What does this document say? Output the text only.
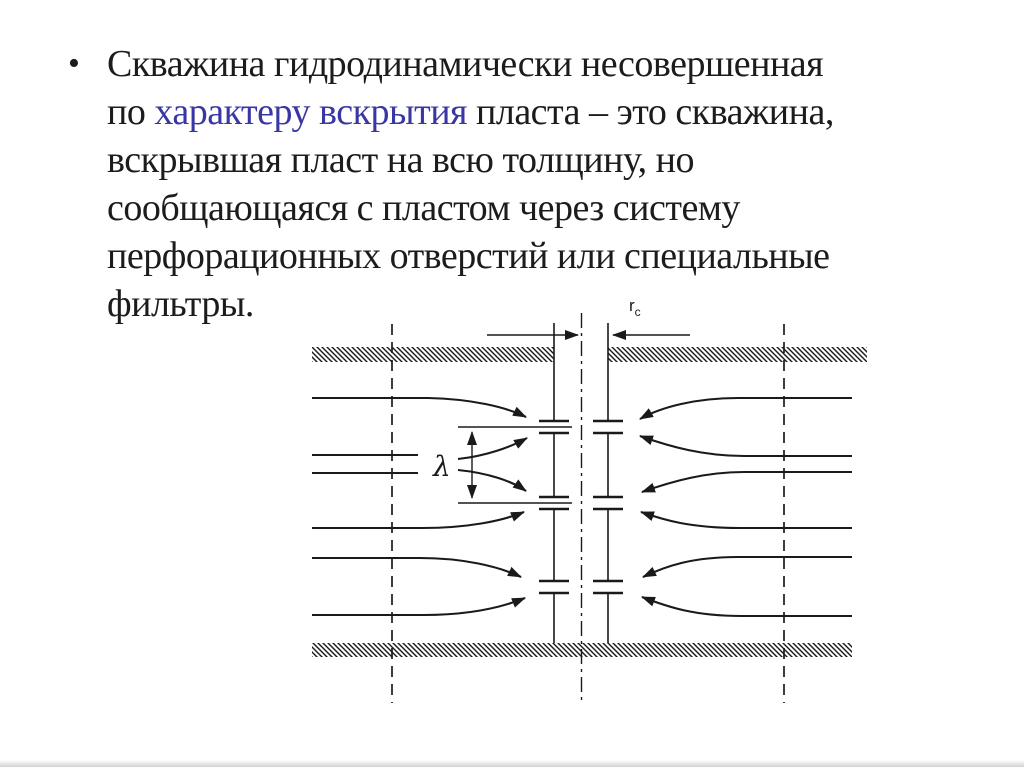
• Скважина гидродинамически несовершенная
по характеру вскрытия пласта – это скважина,
вскрывшая пласт на всю толщину, но
сообщающаяся с пластом через систему
перфорационных отверстий или специальные
фильтры.	$r_c$
λ
